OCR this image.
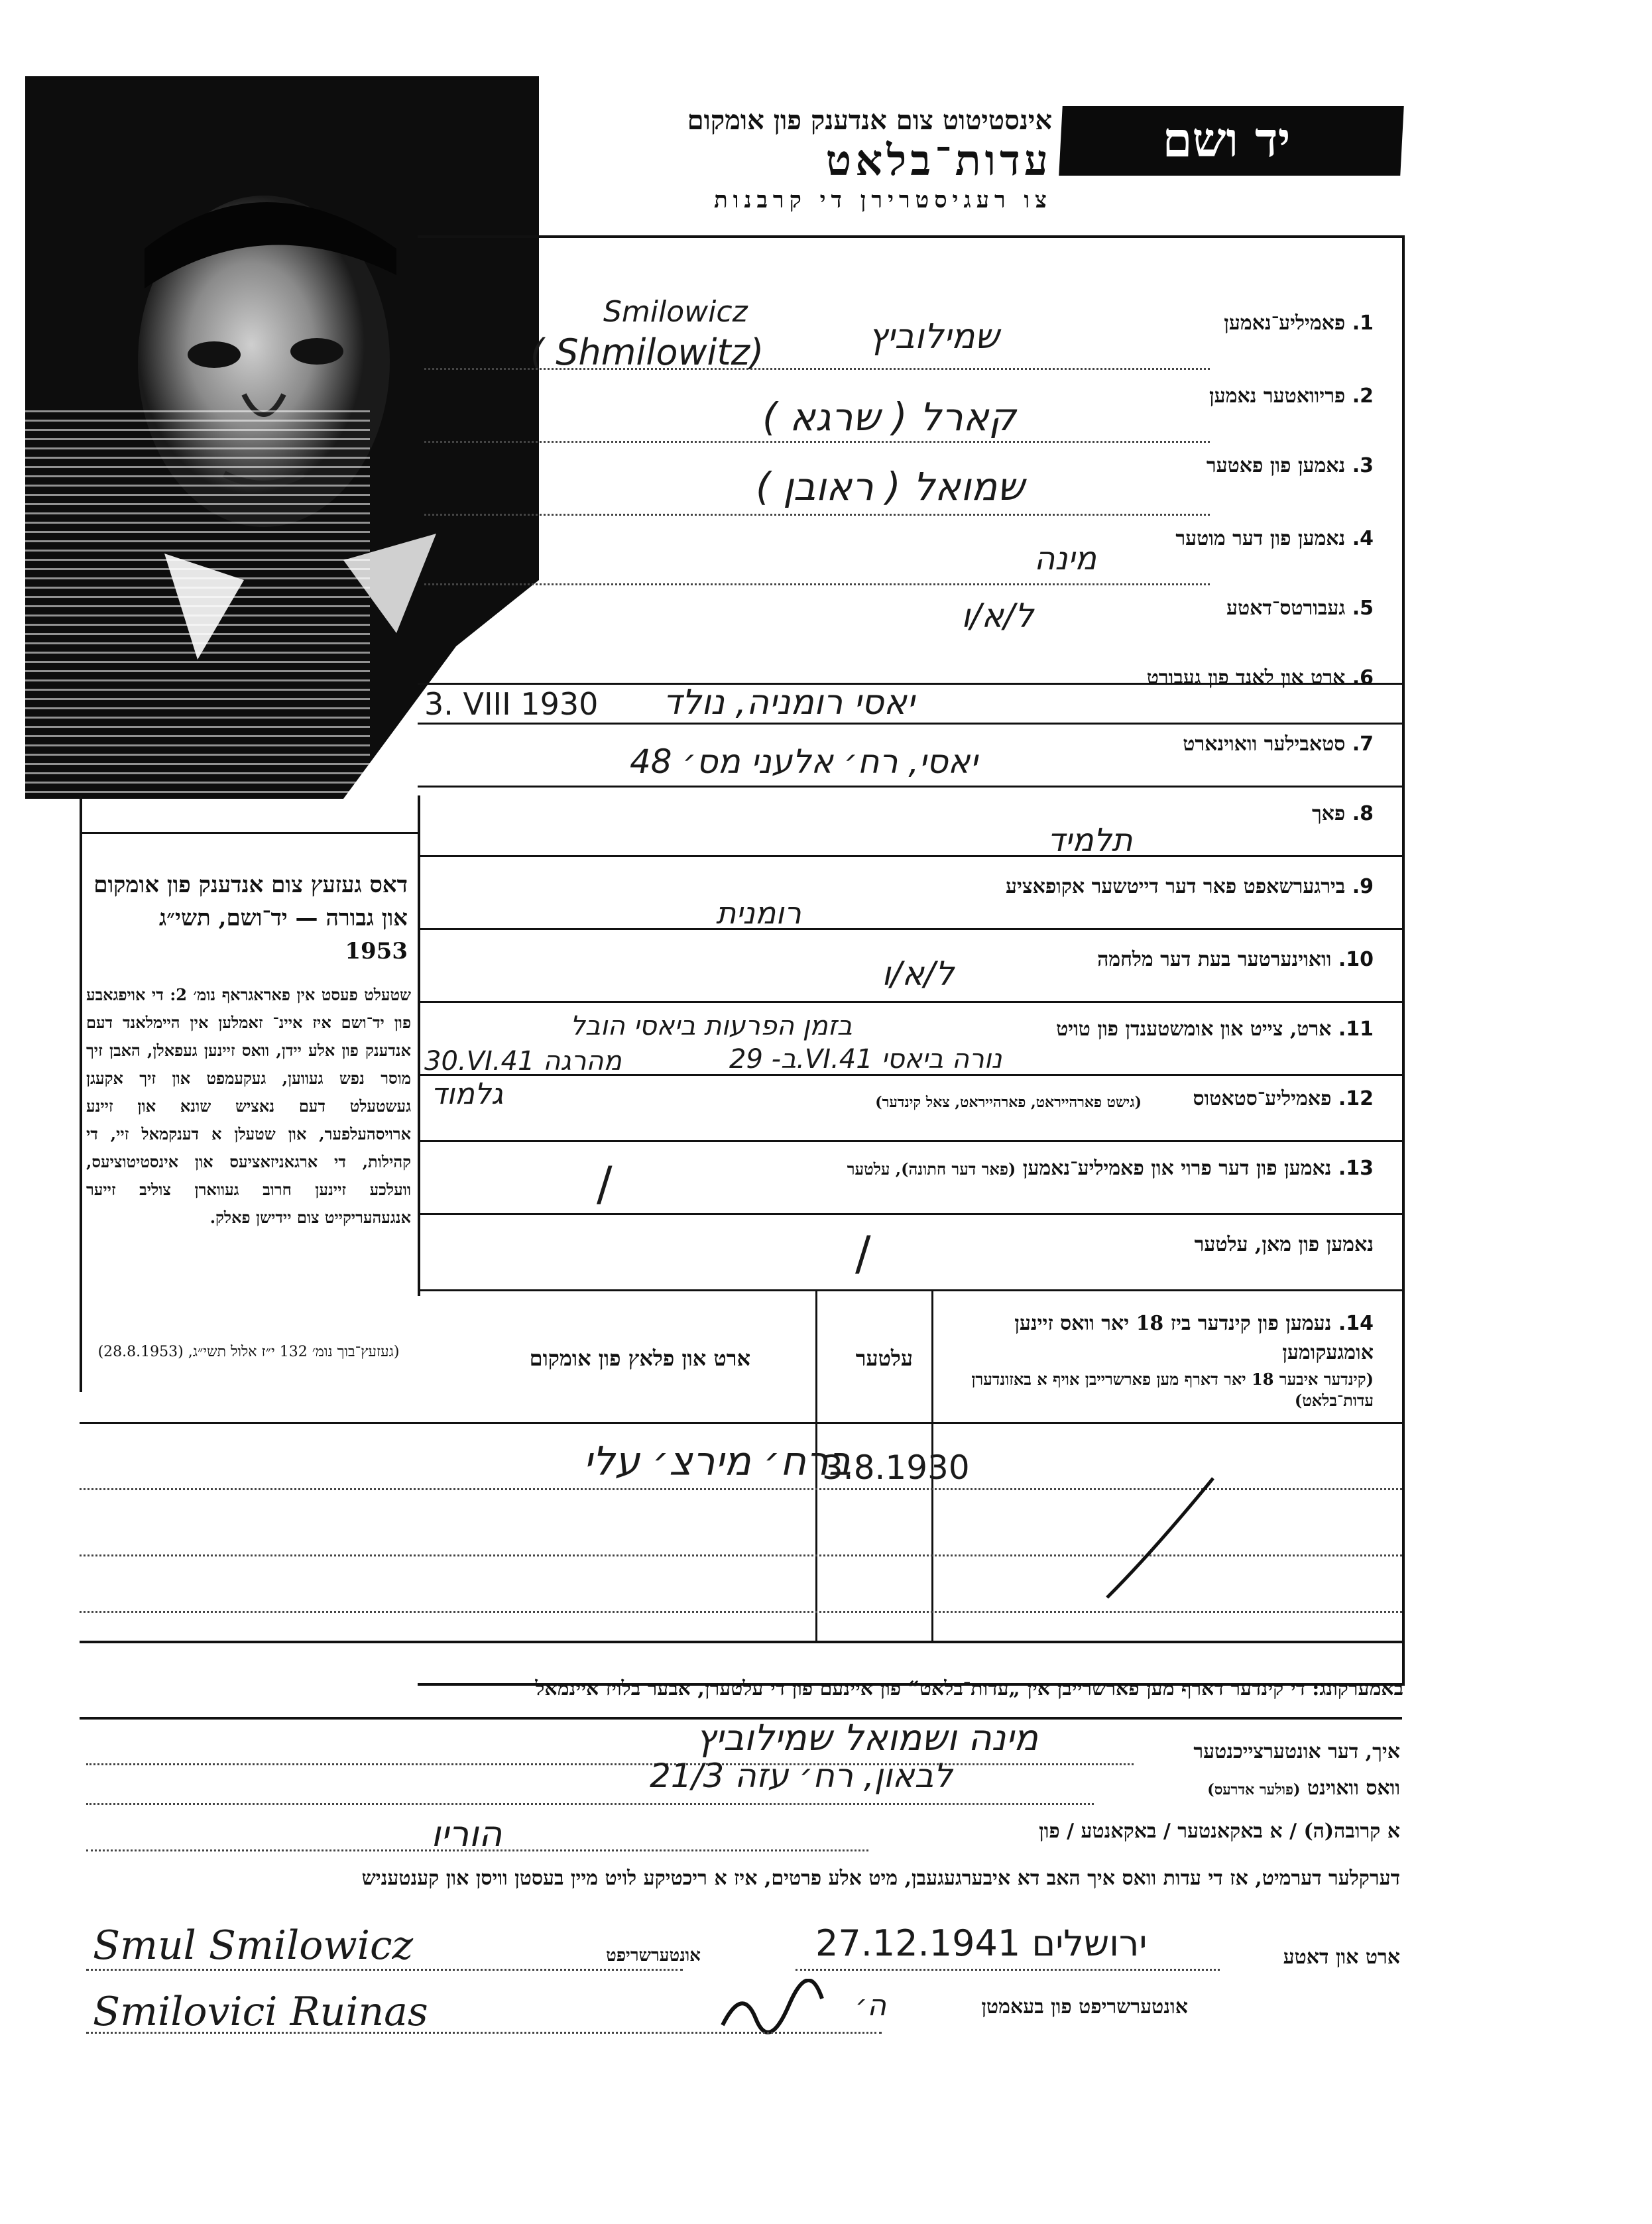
יד ושם
אינסטיטוט צום אנדענק פון אומקום
עדות־בלאט
צו רעגיסטרירן די קרבנות
1. פאמיליע־נאמען
שמילוביץ
( Shmilowitz)
Smilowicz
2. פריוואטער נאמען
קארל ( שרגא )
3. נאמען פון פאטער
שמואל ( ראובן )
4. נאמען פון דער מוטער
מינה
5. געבורטס־דאטע
ל/א/ו
6. ארט און לאנד פון געבורט
יאסי רומניה, נולד
3. VIII 1930
7. סטאבילער וואוינארט
יאסי, רח׳ אלעני מס׳ 48
8. פאך
תלמיד
9. בירגערשאפט פאר דער דייטשער אקופאציע
רומנית
10. וואוינערטער בעת דער מלחמה
ל/א/ו
11. ארט, צייט און אומשטענדן פון טויט
בזמן הפרעות ביאסי הובל
ב- 29.VI.41 נורה ביאסי
30.VI.41 מהרגה
12. פאמיליע־סטאטוס
(גישט פארהייראט, פארהייראט, צאל קינדער)
גלמוד
13. נאמען פון דער פרוי און פאמיליע־נאמען (פאר דער חתונה), עלטער
/
נאמען פון מאן, עלטער
/
14. נעמען פון קינדער ביז 18 יאר וואס זיינען אומגעקומען
(קינדער איבער 18 יאר דארף מען פארשרייבן אויף א באזונדערן עדות־בלאט)
עלטער
ארט און פלאץ פון אומקום
ברח׳ מירצ׳ עלי
3.8.1930
דאס געזעץ צום אנדענק פון אומקום און גבורה — יד־ושם, תשי״ג 1953
שטעלט פעסט אין פאראגראף נומ׳ 2: די אויפגאבע פון יד־ושם איז איינ־ זאמלען אין היימלאנד דעם אנדענק פון אלע יידן, וואס זיינען געפאלן, האבן זיך מוסר נפש געווען, געקעמפט און זיך אקעגן געשטעלט דעם נאציש שונא און זיינע ארויסהעלפער, און שטעלן א דענקמאל זיי, די קהילות, די ארגאניזאציעס און אינסטיטוציעס, וועלכע זיינען חרוב געווארן צוליב זייער אנגעהעריקייט צום יידישן פאלק.
(געזעץ־בוך נומ׳ 132 י״ז אלול תשי״ג, (28.8.1953)
באמערקונג: די קינדער דארף מען פארשרייבן אין „עדות־בלאט“ פון איינעם פון די עלטערן, אבער בלויז איינמאל
איך, דער אונטערצייכנטער
מינה ושמואל שמילוביץ
וואס וואוינט (פולער אדרעס)
לבאון, רח׳ עזה 21/3
א קרובה(ה) / א באקאנטער / באקאנטע / פון
הוריו
דערקלער דערמיט, אז די עדות וואס איך האב דא איבערגעגעבן, מיט אלע פרטים, איז א ריכטיקע לויט מיין בעסטן וויסן און קענטעניש
ארט און דאטע
27.12.1941 ירושלים
אונטערשריפט
Smul Smilowicz
אונטערשריפט פון בעאמטן
ה׳
Smilovici Ruinas
